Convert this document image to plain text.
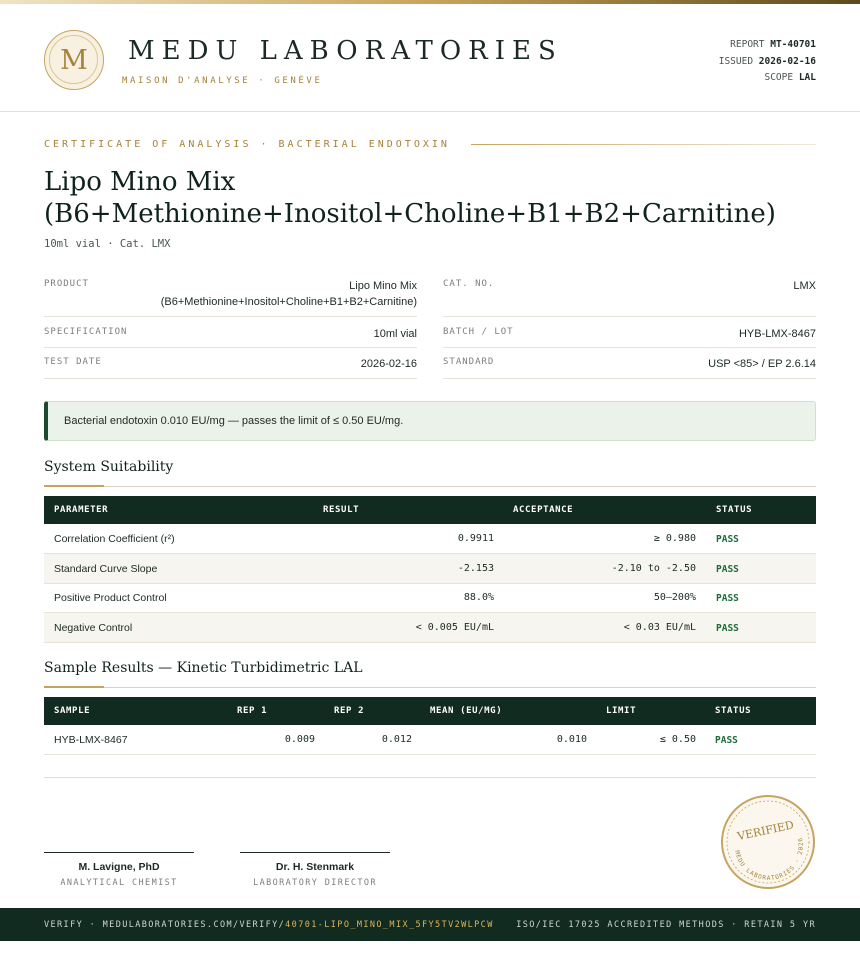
M	MEDU LABORATORIES
MAISON D'ANALYSE · GENÈVE
REPORT MT-40701
ISSUED 2026-02-16
SCOPE LAL
CERTIFICATE OF ANALYSIS · BACTERIAL ENDOTOXIN
Lipo Mino Mix
(B6+Methionine+Inositol+Choline+B1+B2+Carnitine)
10ml vial · Cat. LMX
PRODUCT	Lipo Mino Mix
(B6+Methionine+Inositol+Choline+B1+B2+Carnitine)
SPECIFICATION	10ml vial
TEST DATE	2026-02-16
CAT. NO.	LMX
BATCH / LOT	HYB-LMX-8467
STANDARD	USP <85> / EP 2.6.14
Bacterial endotoxin 0.010 EU/mg — passes the limit of ≤ 0.50 EU/mg.
System Suitability
PARAMETER	RESULT	ACCEPTANCE	STATUS
Correlation Coefficient (r²)	0.9911	≥ 0.980 PASS
Standard Curve Slope	-2.153	-2.10 to -2.50 PASS
Positive Product Control	88.0%	50–200% PASS
Negative Control	< 0.005 EU/mL	< 0.03 EU/mL PASS
Sample Results — Kinetic Turbidimetric LAL
SAMPLE	REP 1	REP 2	MEAN (EU/MG)	LIMIT	STATUS
HYB-LMX-8467	0.009	0.012	0.010	≤ 0.50 PASS
M. Lavigne, PhD
ANALYTICAL CHEMIST
Dr. H. Stenmark
LABORATORY DIRECTOR
VERIFIED
MEDU LABORATORIES · 2026
VERIFY · MEDULABORATORIES.COM/VERIFY/40701-LIPO_MINO_MIX_5FY5TV2WLPCW	ISO/IEC 17025 ACCREDITED METHODS · RETAIN 5 YR
